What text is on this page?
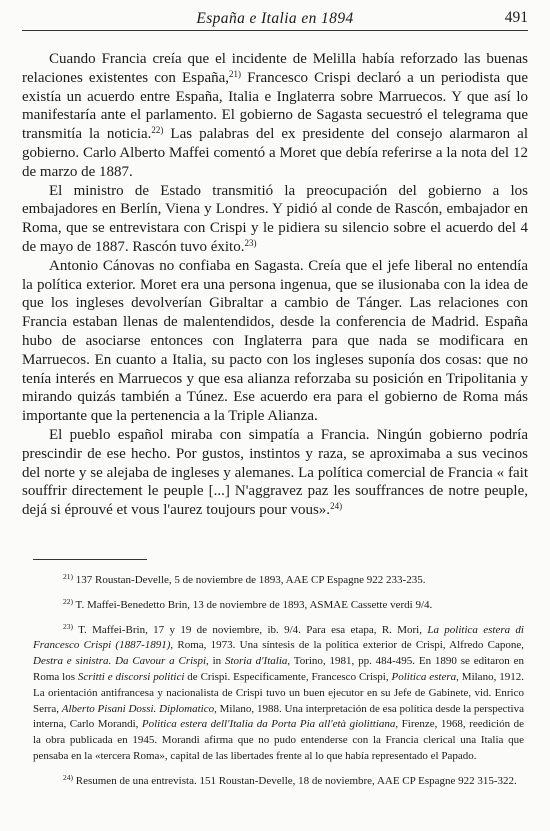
España e Italia en 1894	491

Cuando Francia creía que el incidente de Melilla había reforzado las buenas relaciones existentes con España,$^{21)}$ Francesco Crispi declaró a un periodista que existía un acuerdo entre España, Italia e Inglaterra sobre Marruecos. Y que así lo manifestaría ante el parlamento. El gobierno de Sagasta secuestró el telegrama que transmitía la noticia.$^{22)}$ Las palabras del ex presidente del consejo alarmaron al gobierno. Carlo Alberto Maffei comentó a Moret que debía referirse a la nota del 12 de marzo de 1887.

El ministro de Estado transmitió la preocupación del gobierno a los embajadores en Berlín, Viena y Londres. Y pidió al conde de Rascón, embajador en Roma, que se entrevistara con Crispi y le pidiera su silencio sobre el acuerdo del 4 de mayo de 1887. Rascón tuvo éxito.$^{23)}$

Antonio Cánovas no confiaba en Sagasta. Creía que el jefe liberal no entendía la política exterior. Moret era una persona ingenua, que se ilusionaba con la idea de que los ingleses devolverían Gibraltar a cambio de Tánger. Las relaciones con Francia estaban llenas de malentendidos, desde la conferencia de Madrid. España hubo de asociarse entonces con Inglaterra para que nada se modificara en Marruecos. En cuanto a Italia, su pacto con los ingleses suponía dos cosas: que no tenía interés en Marruecos y que esa alianza reforzaba su posición en Tripolitania y mirando quizás también a Túnez. Ese acuerdo era para el gobierno de Roma más importante que la pertenencia a la Triple Alianza.

El pueblo español miraba con simpatía a Francia. Ningún gobierno podría prescindir de ese hecho. Por gustos, instintos y raza, se aproximaba a sus vecinos del norte y se alejaba de ingleses y alemanes. La política comercial de Francia « fait souffrir directement le peuple [...] N'aggravez paz les souffrances de notre peuple, dejá si éprouvé et vous l'aurez toujours pour vous».$^{24)}$

$^{21)}$ 137 Roustan-Develle, 5 de noviembre de 1893, AAE CP Espagne 922 233-235.

$^{22)}$ T. Maffei-Benedetto Brin, 13 de noviembre de 1893, ASMAE Cassette verdi 9/4.

$^{23)}$ T. Maffei-Brin, 17 y 19 de noviembre, ib. 9/4. Para esa etapa, R. Mori, La politica estera di Francesco Crispi (1887-1891), Roma, 1973. Una síntesis de la política exterior de Crispi, Alfredo Capone, Destra e sinistra. Da Cavour a Crispi, in Storia d'Italia, Torino, 1981, pp. 484-495. En 1890 se editaron en Roma los Scritti e discorsi politici de Crispi. Específicamente, Francesco Crispi, Politica estera, Milano, 1912. La orientación antifrancesa y nacionalista de Crispi tuvo un buen ejecutor en su Jefe de Gabinete, vid. Enrico Serra, Alberto Pisani Dossi. Diplomatico, Milano, 1988. Una interpretación de esa política desde la perspectiva interna, Carlo Morandi, Politica estera dell'Italia da Porta Pia all'età giolittiana, Firenze, 1968, reedición de la obra publicada en 1945. Morandi afirma que no pudo entenderse con la Francia clerical una Italia que pensaba en la «tercera Roma», capital de las libertades frente al lo que había representado el Papado.

$^{24)}$ Resumen de una entrevista. 151 Roustan-Develle, 18 de noviembre, AAE CP Espagne 922 315-322.
